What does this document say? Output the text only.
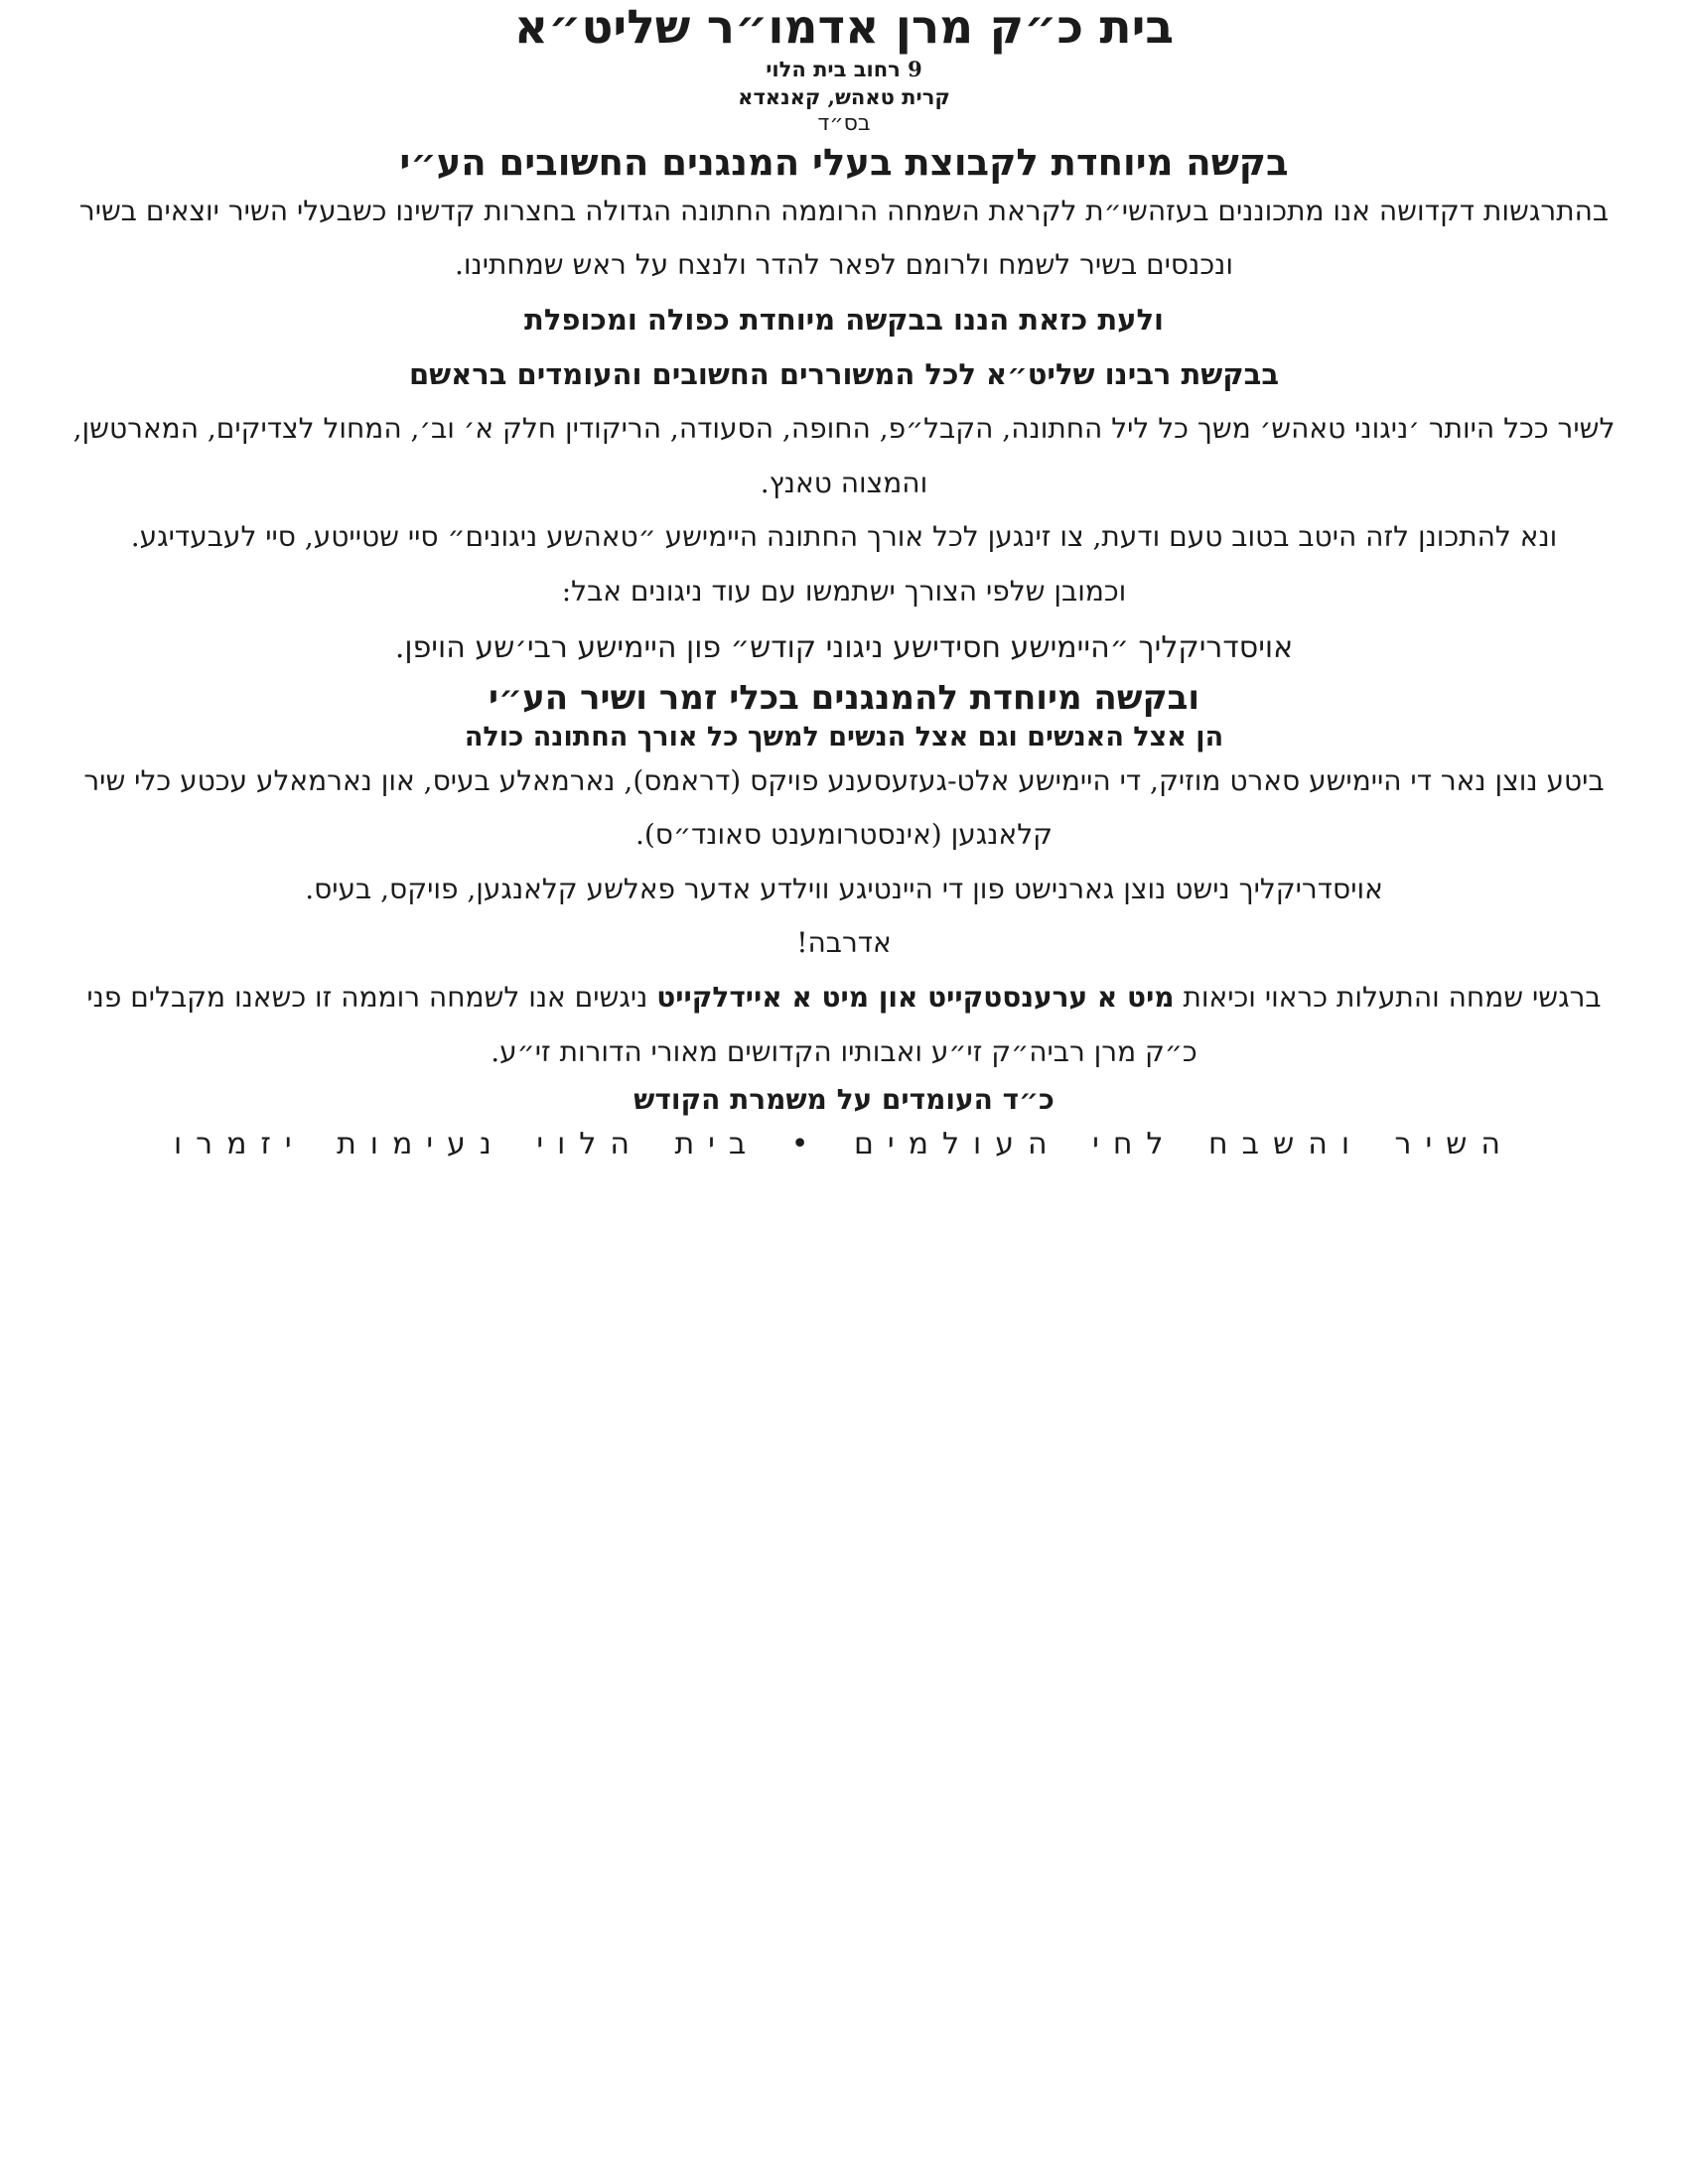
בית כ״ק מרן אדמו״ר שליט״א
9 רחוב בית הלוי
קרית טאהש, קאנאדא
בס״ד
בקשה מיוחדת לקבוצת בעלי המנגנים החשובים הע״י

בהתרגשות דקדושה אנו מתכוננים בעזהשי״ת לקראת השמחה הרוממה החתונה הגדולה בחצרות קדשינו כשבעלי השיר יוצאים בשיר ונכנסים בשיר לשמח ולרומם לפאר להדר ולנצח על ראש שמחתינו.

ולעת כזאת הננו בבקשה מיוחדת כפולה ומכופלת

בבקשת רבינו שליט״א לכל המשוררים החשובים והעומדים בראשם

לשיר ככל היותר ׳ניגוני טאהש׳ משך כל ליל החתונה, הקבל״פ, החופה, הסעודה, הריקודין חלק א׳ וב׳, המחול לצדיקים, המארטשן, והמצוה טאנץ.

ונא להתכונן לזה היטב בטוב טעם ודעת, צו זינגען לכל אורך החתונה היימישע ״טאהשע ניגונים״ סיי שטייטע, סיי לעבעדיגע.

וכמובן שלפי הצורך ישתמשו עם עוד ניגונים אבל:

אויסדריקליך ״היימישע חסידישע ניגוני קודש״ פון היימישע רבי׳שע הויפן.

ובקשה מיוחדת להמנגנים בכלי זמר ושיר הע״י

הן אצל האנשים וגם אצל הנשים למשך כל אורך החתונה כולה

ביטע נוצן נאר די היימישע סארט מוזיק, די היימישע אלט-געזעסענע פויקס (דראמס), נארמאלע בעיס, און נארמאלע עכטע כלי שיר קלאנגען (אינסטרומענט סאונד״ס).

אויסדריקליך נישט נוצן גארנישט פון די היינטיגע ווילדע אדער פאלשע קלאנגען, פויקס, בעיס.

אדרבה!

ברגשי שמחה והתעלות כראוי וכיאות מיט א ערענסטקייט און מיט א איידלקייט ניגשים אנו לשמחה רוממה זו כשאנו מקבלים פני כ״ק מרן רביה״ק זי״ע ואבותיו הקדושים מאורי הדורות זי״ע.

כ״ד העומדים על משמרת הקודש

השיר והשבח לחי העולמים • בית הלוי נעימות יזמרו
